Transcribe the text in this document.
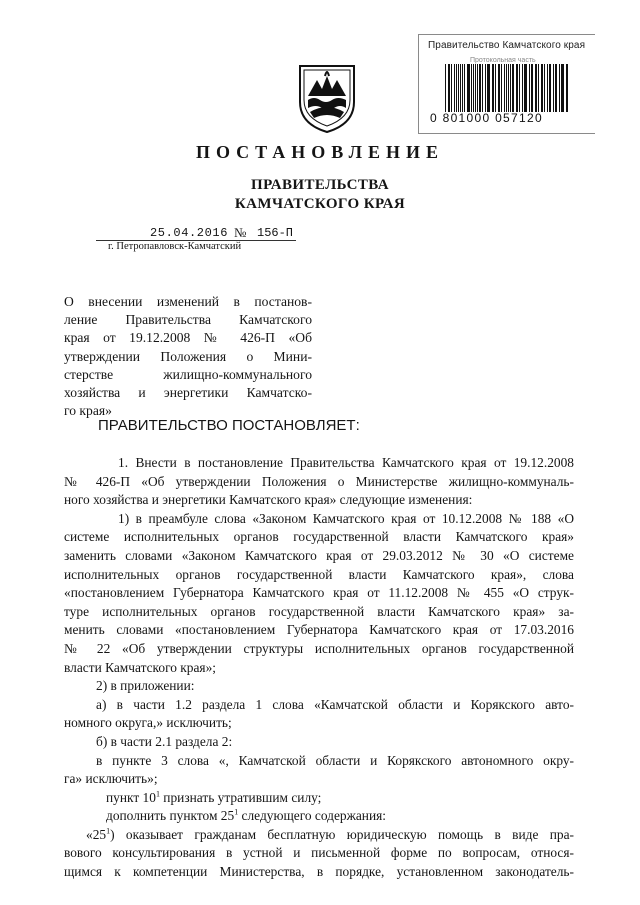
Правительство Камчатского края
Протокольная часть
0 801000 057120
ПОСТАНОВЛЕНИЕ
ПРАВИТЕЛЬСТВА
КАМЧАТСКОГО КРАЯ
25.04.2016 № 156-П
г. Петропавловск-Камчатский
О внесении изменений в постанов-
ление Правительства Камчатского
края от 19.12.2008 № 426-П «Об
утверждении Положения о Мини-
стерстве жилищно-коммунального
хозяйства и энергетики Камчатско-
го края»
ПРАВИТЕЛЬСТВО ПОСТАНОВЛЯЕТ:
1. Внести в постановление Правительства Камчатского края от 19.12.2008
№ 426-П «Об утверждении Положения о Министерстве жилищно-коммуналь-
ного хозяйства и энергетики Камчатского края» следующие изменения:
1) в преамбуле слова «Законом Камчатского края от 10.12.2008 № 188 «О
системе исполнительных органов государственной власти Камчатского края»
заменить словами «Законом Камчатского края от 29.03.2012 № 30 «О системе
исполнительных органов государственной власти Камчатского края», слова
«постановлением Губернатора Камчатского края от 11.12.2008 № 455 «О струк-
туре исполнительных органов государственной власти Камчатского края» за-
менить словами «постановлением Губернатора Камчатского края от 17.03.2016
№ 22 «Об утверждении структуры исполнительных органов государственной
власти Камчатского края»;
2) в приложении:
а) в части 1.2 раздела 1 слова «Камчатской области и Корякского авто-
номного округа,» исключить;
б) в части 2.1 раздела 2:
в пункте 3 слова «, Камчатской области и Корякского автономного окру-
га» исключить»;
пункт $10^1$ признать утратившим силу;
дополнить пунктом $25^1$ следующего содержания:
«$25^1$) оказывает гражданам бесплатную юридическую помощь в виде пра-
вового консультирования в устной и письменной форме по вопросам, относя-
щимся к компетенции Министерства, в порядке, установленном законодатель-
